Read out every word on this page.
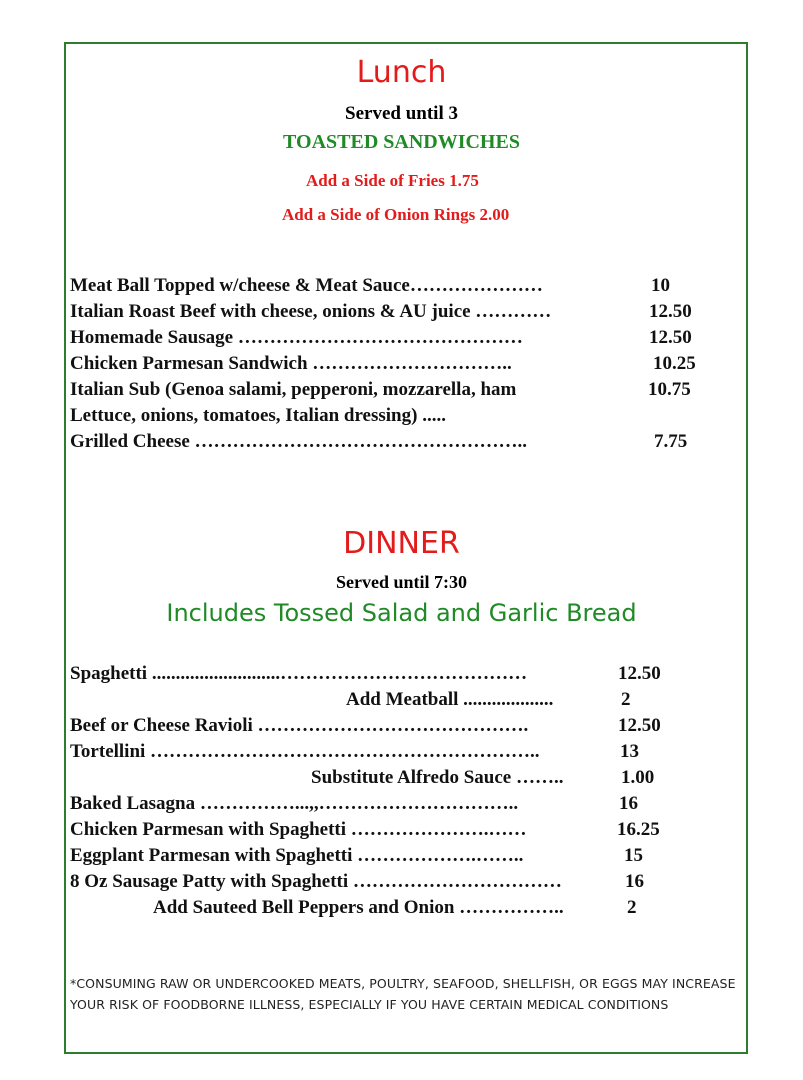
Lunch
Served until 3
TOASTED SANDWICHES
Add a Side of Fries 1.75
Add a Side of Onion Rings 2.00
Meat Ball Topped w/cheese & Meat Sauce…………………	10
Italian Roast Beef with cheese, onions & AU juice …………	12.50
Homemade Sausage ………………………………………	12.50
Chicken Parmesan Sandwich …………………………..	10.25
Italian Sub (Genoa salami, pepperoni, mozzarella, ham	10.75
Lettuce, onions, tomatoes, Italian dressing) .....
Grilled Cheese ……………………………………………..	7.75
DINNER
Served until 7:30
Includes Tossed Salad and Garlic Bread
Spaghetti ...........................…………………………………	12.50
Add Meatball ...................	2
Beef or Cheese Ravioli …………………………………….	12.50
Tortellini ……………………………………………………..	13
Substitute Alfredo Sauce ……..	1.00
Baked Lasagna ……………...,,…………………………..	16
Chicken Parmesan with Spaghetti ………………….……	16.25
Eggplant Parmesan with Spaghetti ……………….……..	15
8 Oz Sausage Patty with Spaghetti ……………………………	16
Add Sauteed Bell Peppers and Onion ……………..	2
*CONSUMING RAW OR UNDERCOOKED MEATS, POULTRY, SEAFOOD, SHELLFISH, OR EGGS MAY INCREASE
YOUR RISK OF FOODBORNE ILLNESS, ESPECIALLY IF YOU HAVE CERTAIN MEDICAL CONDITIONS
